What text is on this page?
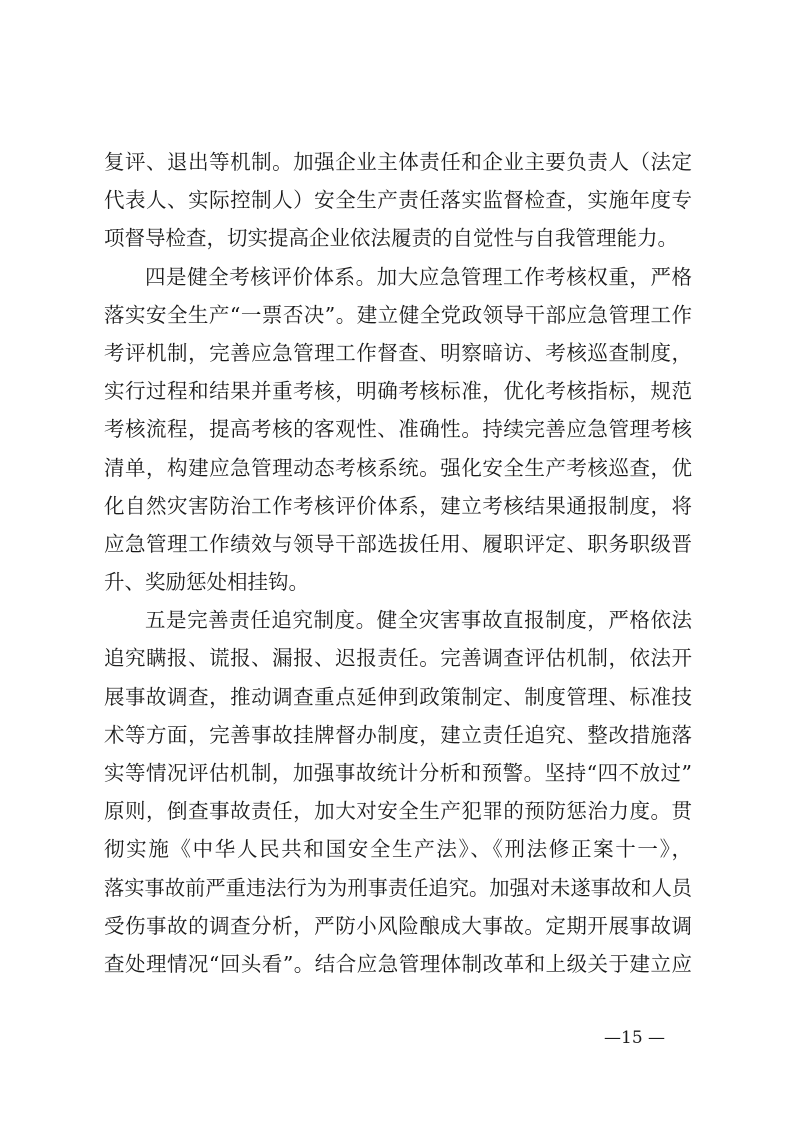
复评、退出等机制。加强企业主体责任和企业主要负责人（法定
代表人、实际控制人）安全生产责任落实监督检查，实施年度专
项督导检查，切实提高企业依法履责的自觉性与自我管理能力。
四是健全考核评价体系。加大应急管理工作考核权重，严格
落实安全生产“一票否决”。建立健全党政领导干部应急管理工作
考评机制，完善应急管理工作督查、明察暗访、考核巡查制度，
实行过程和结果并重考核，明确考核标准，优化考核指标，规范
考核流程，提高考核的客观性、准确性。持续完善应急管理考核
清单，构建应急管理动态考核系统。强化安全生产考核巡查，优
化自然灾害防治工作考核评价体系，建立考核结果通报制度，将
应急管理工作绩效与领导干部选拔任用、履职评定、职务职级晋
升、奖励惩处相挂钩。
五是完善责任追究制度。健全灾害事故直报制度，严格依法
追究瞒报、谎报、漏报、迟报责任。完善调查评估机制，依法开
展事故调查，推动调查重点延伸到政策制定、制度管理、标准技
术等方面，完善事故挂牌督办制度，建立责任追究、整改措施落
实等情况评估机制，加强事故统计分析和预警。坚持“四不放过”
原则，倒查事故责任，加大对安全生产犯罪的预防惩治力度。贯
彻实施《中华人民共和国安全生产法》、《刑法修正案十一》，
落实事故前严重违法行为为刑事责任追究。加强对未遂事故和人员
受伤事故的调查分析，严防小风险酿成大事故。定期开展事故调
查处理情况“回头看”。结合应急管理体制改革和上级关于建立应
—15 —
